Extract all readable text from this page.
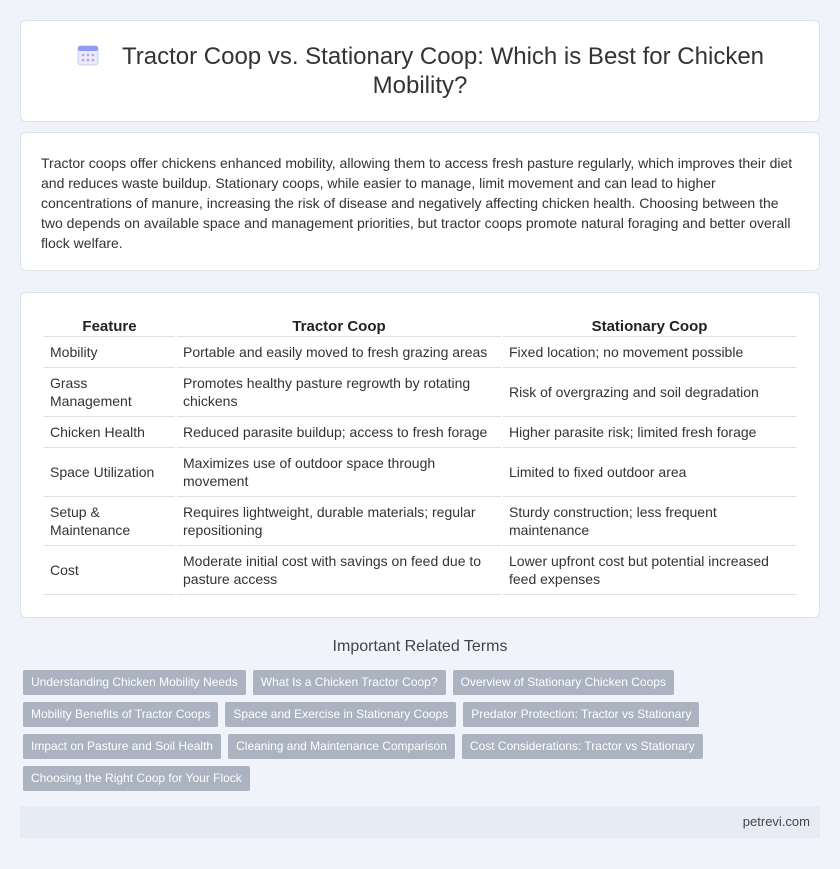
Tractor Coop vs. Stationary Coop: Which is Best for Chicken Mobility?

Tractor coops offer chickens enhanced mobility, allowing them to access fresh pasture regularly, which improves their diet and reduces waste buildup. Stationary coops, while easier to manage, limit movement and can lead to higher concentrations of manure, increasing the risk of disease and negatively affecting chicken health. Choosing between the two depends on available space and management priorities, but tractor coops promote natural foraging and better overall flock welfare.

Feature	Tractor Coop	Stationary Coop
Mobility	Portable and easily moved to fresh grazing areas	Fixed location; no movement possible
Grass Management	Promotes healthy pasture regrowth by rotating chickens	Risk of overgrazing and soil degradation
Chicken Health	Reduced parasite buildup; access to fresh forage	Higher parasite risk; limited fresh forage
Space Utilization	Maximizes use of outdoor space through movement	Limited to fixed outdoor area
Setup & Maintenance	Requires lightweight, durable materials; regular repositioning	Sturdy construction; less frequent maintenance
Cost	Moderate initial cost with savings on feed due to pasture access	Lower upfront cost but potential increased feed expenses
Important Related Terms
Understanding Chicken Mobility Needs	What Is a Chicken Tractor Coop?	Overview of Stationary Chicken Coops
Mobility Benefits of Tractor Coops	Space and Exercise in Stationary Coops	Predator Protection: Tractor vs Stationary
Impact on Pasture and Soil Health	Cleaning and Maintenance Comparison	Cost Considerations: Tractor vs Stationary
Choosing the Right Coop for Your Flock
petrevi.com
